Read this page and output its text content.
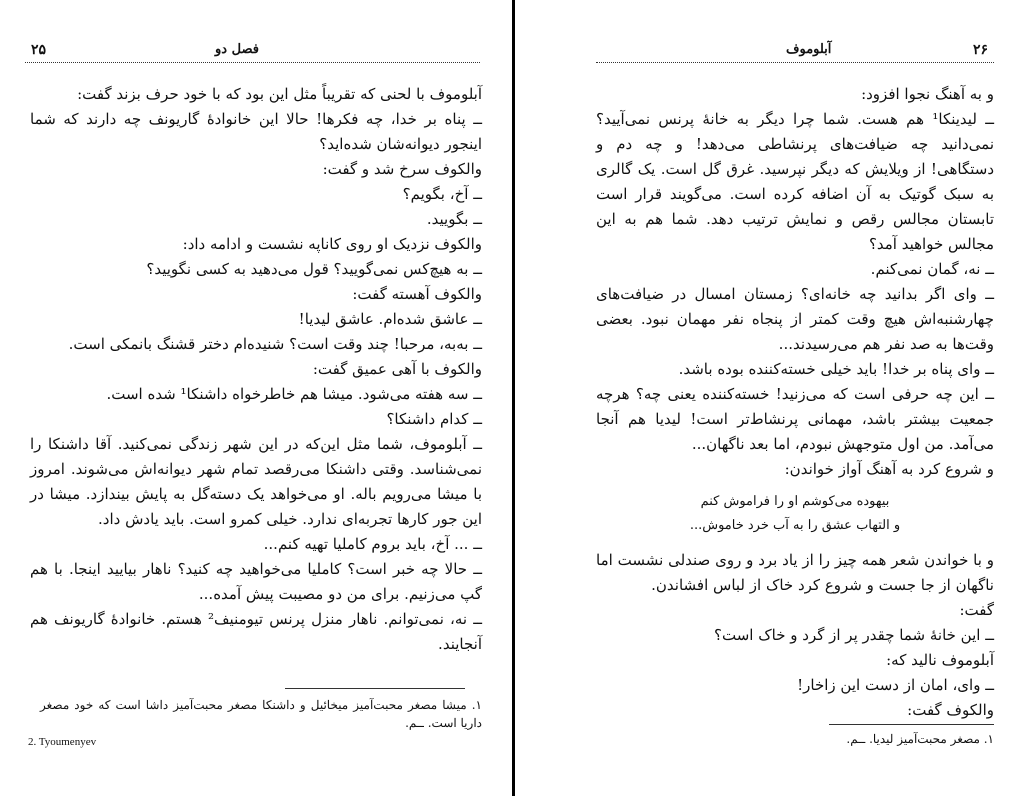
۲۵	فصل دو

آبلوموف با لحنی که تقریباً مثل این بود که با خود حرف بزند گفت:

ــ پناه بر خدا، چه فکرها! حالا این خانوادهٔ گاریونف چه دارند که شما اینجور دیوانه‌شان شده‌اید؟

والکوف سرخ شد و گفت:

ــ آخ، بگویم؟

ــ بگویید.

والکوف نزدیک او روی کاناپه نشست و ادامه داد:

ــ به هیچ‌کس نمی‌گویید؟ قول می‌دهید به کسی نگویید؟

والکوف آهسته گفت:

ــ عاشق شده‌ام. عاشق لیدیا!

ــ به‌به، مرحبا! چند وقت است؟ شنیده‌ام دختر قشنگ بانمکی است.

والکوف با آهی عمیق گفت:

ــ سه هفته می‌شود. میشا هم خاطرخواه داشنکا¹ شده است.

ــ کدام داشنکا؟

ــ آبلوموف، شما مثل این‌که در این شهر زندگی نمی‌کنید. آقا داشنکا را نمی‌شناسد. وقتی داشنکا می‌رقصد تمام شهر دیوانه‌اش می‌شوند. امروز با میشا می‌رویم باله. او می‌خواهد یک دسته‌گل به پایش بیندازد. میشا در این جور کارها تجربه‌ای ندارد. خیلی کمرو است. باید یادش داد.

ــ ... آخ، باید بروم کاملیا تهیه کنم...

ــ حالا چه خبر است؟ کاملیا می‌خواهید چه کنید؟ ناهار بیایید اینجا. با هم گپ می‌زنیم. برای من دو مصیبت پیش آمده...

ــ نه، نمی‌توانم. ناهار منزل پرنس تیومنیف² هستم. خانوادهٔ گاریونف هم آنجایند.

۱. میشا مصغر محبت‌آمیز میخائیل و داشنکا مصغر محبت‌آمیز داشا است که خود مصغر داریا است. ــم.
2. Tyoumenyev
آبلوموف	۲۶

و به آهنگ نجوا افزود:

ــ لیدینکا¹ هم هست. شما چرا دیگر به خانهٔ پرنس نمی‌آیید؟ نمی‌دانید چه ضیافت‌های پرنشاطی می‌دهد! و چه دم و دستگاهی! از ویلایش که دیگر نپرسید. غرق گل است. یک گالری به سبک گوتیک به آن اضافه کرده است. می‌گویند قرار است تابستان مجالس رقص و نمایش ترتیب دهد. شما هم به این مجالس خواهید آمد؟

ــ نه، گمان نمی‌کنم.

ــ وای اگر بدانید چه خانه‌ای؟ زمستان امسال در ضیافت‌های چهارشنبه‌اش هیچ وقت کمتر از پنجاه نفر مهمان نبود. بعضی وقت‌ها به صد نفر هم می‌رسیدند...

ــ وای پناه بر خدا! باید خیلی خسته‌کننده بوده باشد.

ــ این چه حرفی است که می‌زنید! خسته‌کننده یعنی چه؟ هرچه جمعیت بیشتر باشد، مهمانی پرنشاط‌تر است! لیدیا هم آنجا می‌آمد. من اول متوجهش نبودم، اما بعد ناگهان...

و شروع کرد به آهنگ آواز خواندن:

بیهوده می‌کوشم او را فراموش کنم

و التهاب عشق را به آب خرد خاموش...

و با خواندن شعر همه چیز را از یاد برد و روی صندلی نشست اما ناگهان از جا جست و شروع کرد خاک از لباس افشاندن.

گفت:

ــ این خانهٔ شما چقدر پر از گرد و خاک است؟

آبلوموف نالید که:

ــ وای، امان از دست این زاخار!

والکوف گفت:

۱. مصغر محبت‌آمیز لیدیا. ــم.
